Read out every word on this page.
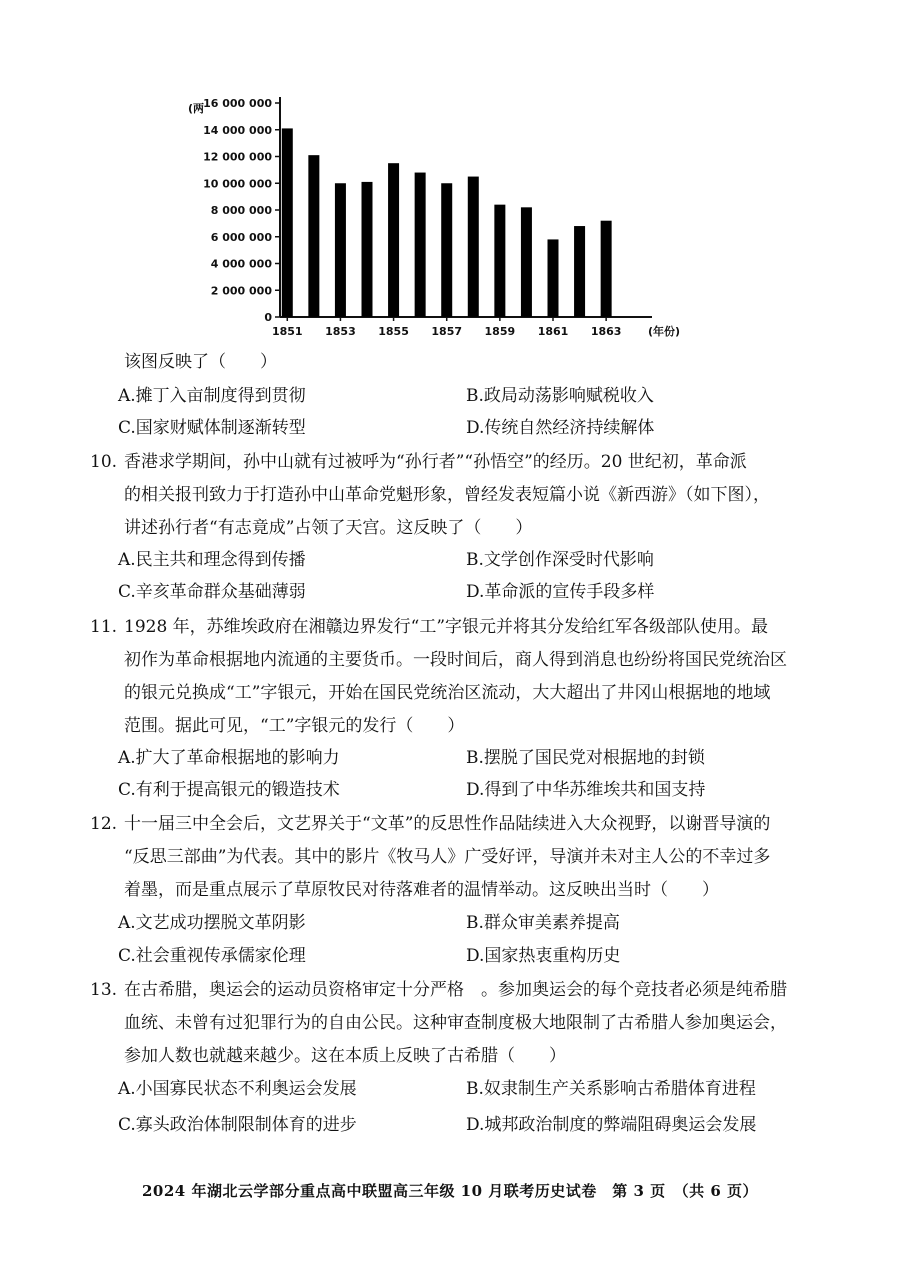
0
2 000 000
4 000 000
6 000 000
8 000 000
10 000 000
12 000 000
14 000 000
16 000 000
(两
1851 1853 1855 1857 1859 1861 1863 (年份)

该图反映了（　　）

A.摊丁入亩制度得到贯彻	B.政局动荡影响赋税收入
C.国家财赋体制逐渐转型	D.传统自然经济持续解体
10. 香港求学期间，孙中山就有过被呼为“孙行者”“孙悟空”的经历。20 世纪初，革命派
的相关报刊致力于打造孙中山革命党魁形象，曾经发表短篇小说《新西游》（如下图），
讲述孙行者“有志竟成”占领了天宫。这反映了（　　）
A.民主共和理念得到传播	B.文学创作深受时代影响
C.辛亥革命群众基础薄弱	D.革命派的宣传手段多样
11. 1928 年，苏维埃政府在湘赣边界发行“工”字银元并将其分发给红军各级部队使用。最
初作为革命根据地内流通的主要货币。一段时间后，商人得到消息也纷纷将国民党统治区
的银元兑换成“工”字银元，开始在国民党统治区流动，大大超出了井冈山根据地的地域
范围。据此可见，“工”字银元的发行（　　）
A.扩大了革命根据地的影响力	B.摆脱了国民党对根据地的封锁
C.有利于提高银元的锻造技术	D.得到了中华苏维埃共和国支持
12. 十一届三中全会后，文艺界关于“文革”的反思性作品陆续进入大众视野，以谢晋导演的
“反思三部曲”为代表。其中的影片《牧马人》广受好评，导演并未对主人公的不幸过多
着墨，而是重点展示了草原牧民对待落难者的温情举动。这反映出当时（　　）
A.文艺成功摆脱文革阴影	B.群众审美素养提高
C.社会重视传承儒家伦理	D.国家热衷重构历史
13. 在古希腊，奥运会的运动员资格审定十分严格　。参加奥运会的每个竞技者必须是纯希腊
血统、未曾有过犯罪行为的自由公民。这种审查制度极大地限制了古希腊人参加奥运会，
参加人数也就越来越少。这在本质上反映了古希腊（　　）
A.小国寡民状态不利奥运会发展	B.奴隶制生产关系影响古希腊体育进程
C.寡头政治体制限制体育的进步	D.城邦政治制度的弊端阻碍奥运会发展
2024 年湖北云学部分重点高中联盟高三年级 10 月联考历史试卷　第 3 页　（共 6 页）
